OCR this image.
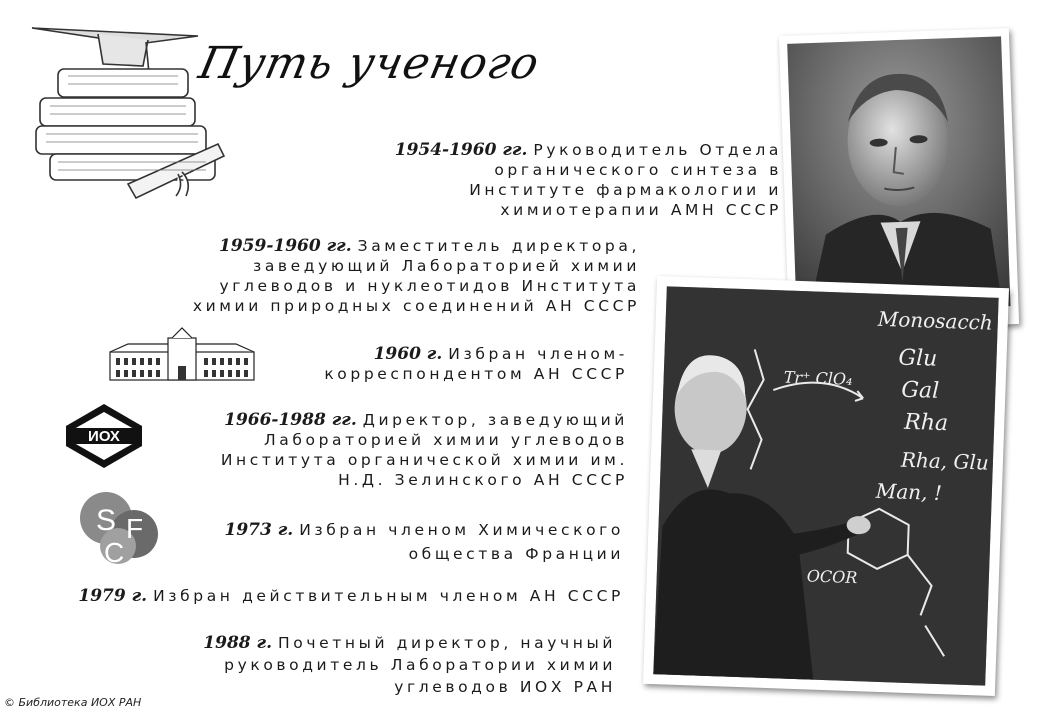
Путь ученого
1954-1960 гг. Руководитель Отдела
органического синтеза в
Институте фармакологии и
химиотерапии АМН СССР
1959-1960 гг. Заместитель директора,
заведующий Лабораторией химии
углеводов и нуклеотидов Института
химии природных соединений АН СССР
1960 г. Избран членом-
корреспондентом АН СССР
ИОХ
1966-1988 гг. Директор, заведующий
Лабораторией химии углеводов
Института органической химии им.
Н.Д. Зелинского АН СССР
S
C
F	1973 г. Избран членом Химического
общества Франции
1979 г. Избран действительным членом АН СССР
1988 г. Почетный директор, научный
руководитель Лаборатории химии
углеводов ИОХ РАН
Monosacch
Glu
Gal
Rha
Rha, Glu
Man, !
Tr⁺ ClO₄
OCOR
© Библиотека ИОХ РАН
